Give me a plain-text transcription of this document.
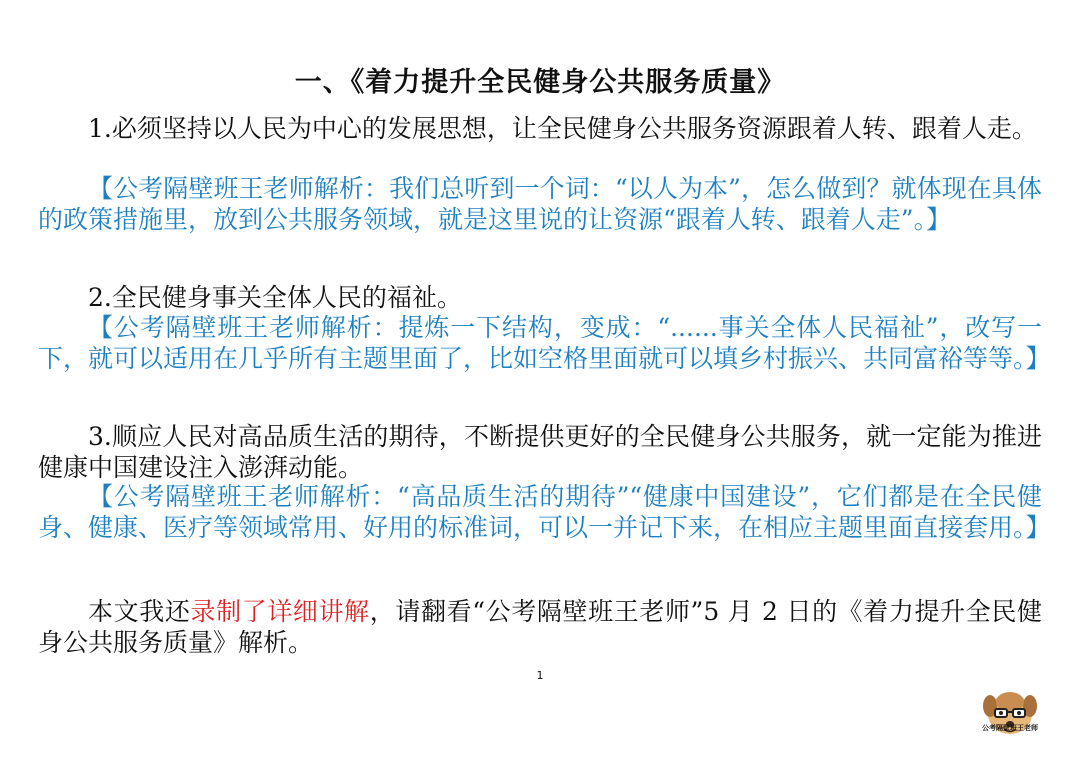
一、《着力提升全民健身公共服务质量》

1.必须坚持以人民为中心的发展思想，让全民健身公共服务资源跟着人转、跟着人走。

【公考隔壁班王老师解析：我们总听到一个词：“以人为本”，怎么做到？就体现在具体的政策措施里，放到公共服务领域，就是这里说的让资源“跟着人转、跟着人走”。】

2.全民健身事关全体人民的福祉。

【公考隔壁班王老师解析：提炼一下结构，变成：“......事关全体人民福祉”，改写一下，就可以适用在几乎所有主题里面了，比如空格里面就可以填乡村振兴、共同富裕等等。】

3.顺应人民对高品质生活的期待，不断提供更好的全民健身公共服务，就一定能为推进健康中国建设注入澎湃动能。

【公考隔壁班王老师解析：“高品质生活的期待”“健康中国建设”，它们都是在全民健身、健康、医疗等领域常用、好用的标准词，可以一并记下来，在相应主题里面直接套用。】

本文我还录制了详细讲解，请翻看“公考隔壁班王老师”5 月 2 日的《着力提升全民健身公共服务质量》解析。

1
公考隔壁班王老师
